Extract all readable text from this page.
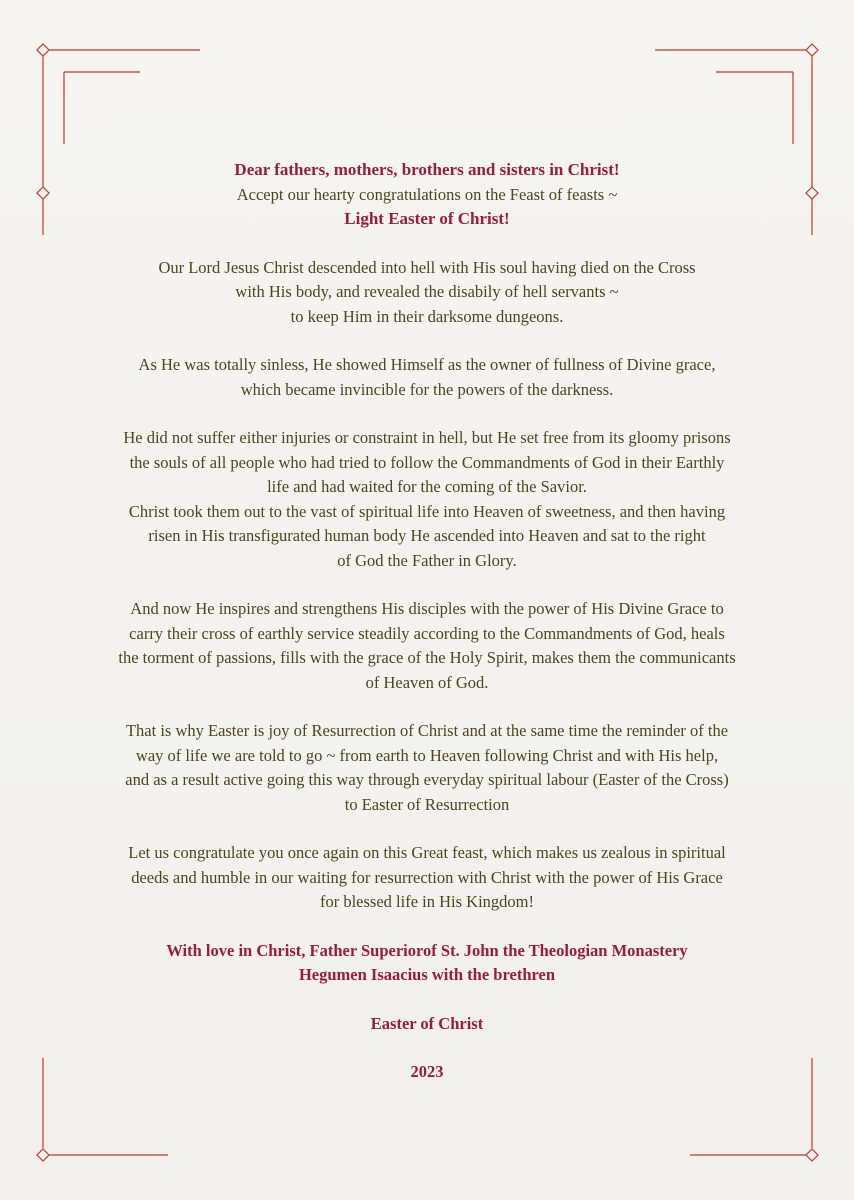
Dear fathers, mothers, brothers and sisters in Christ!
Accept our hearty congratulations on the Feast of feasts ~
Light Easter of Christ!

Our Lord Jesus Christ descended into hell with His soul having died on the Cross
with His body, and revealed the disabily of hell servants ~
to keep Him in their darksome dungeons.

As He was totally sinless, He showed Himself as the owner of fullness of Divine grace,
which became invincible for the powers of the darkness.

He did not suffer either injuries or constraint in hell, but He set free from its gloomy prisons
the souls of all people who had tried to follow the Commandments of God in their Earthly
life and had waited for the coming of the Savior.
Christ took them out to the vast of spiritual life into Heaven of sweetness, and then having
risen in His transfigurated human body He ascended into Heaven and sat to the right
of God the Father in Glory.

And now He inspires and strengthens His disciples with the power of His Divine Grace to
carry their cross of earthly service steadily according to the Commandments of God, heals
the torment of passions, fills with the grace of the Holy Spirit, makes them the communicants
of Heaven of God.

That is why Easter is joy of Resurrection of Christ and at the same time the reminder of the
way of life we are told to go ~ from earth to Heaven following Christ and with His help,
and as a result active going this way through everyday spiritual labour (Easter of the Cross)
to Easter of Resurrection

Let us congratulate you once again on this Great feast, which makes us zealous in spiritual
deeds and humble in our waiting for resurrection with Christ with the power of His Grace
for blessed life in His Kingdom!

With love in Christ, Father Superiorof St. John the Theologian Monastery
Hegumen Isaacius with the brethren

Easter of Christ

2023
